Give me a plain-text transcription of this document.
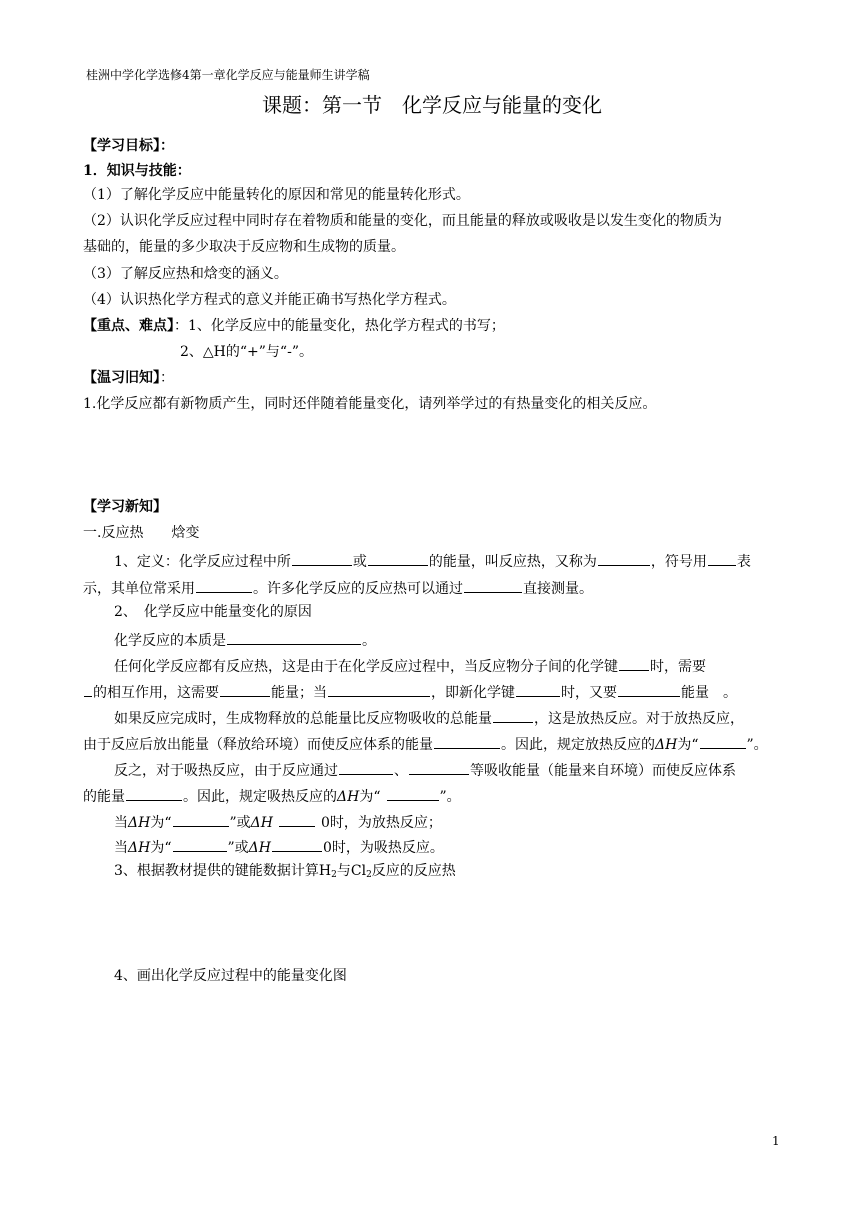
桂洲中学化学选修4第一章化学反应与能量师生讲学稿
课题：第一节　化学反应与能量的变化
【学习目标】：
1．知识与技能：
（1）了解化学反应中能量转化的原因和常见的能量转化形式。
（2）认识化学反应过程中同时存在着物质和能量的变化，而且能量的释放或吸收是以发生变化的物质为
基础的，能量的多少取决于反应物和生成物的质量。
（3）了解反应热和焓变的涵义。
（4）认识热化学方程式的意义并能正确书写热化学方程式。
【重点、难点】：1、化学反应中的能量变化，热化学方程式的书写；
2、△H的“+”与“-”。
【温习旧知】：
1.化学反应都有新物质产生，同时还伴随着能量变化，请列举学过的有热量变化的相关反应。
【学习新知】
一.反应热　　焓变
1、定义：化学反应过程中所	或	的能量，叫反应热，又称为	，符号用 表
示，其单位常采用	。许多化学反应的反应热可以通过	直接测量。
2、　化学反应中能量变化的原因
化学反应的本质是	。
任何化学反应都有反应热，这是由于在化学反应过程中，当反应物分子间的化学键 时，需要
的相互作用，这需要	能量；当	，即新化学键	时，又要	能量　。
如果反应完成时，生成物释放的总能量比反应物吸收的总能量	，这是放热反应。对于放热反应，
由于反应后放出能量（释放给环境）而使反应体系的能量	。因此，规定放热反应的ΔH为“	”。
反之，对于吸热反应，由于反应通过	、	等吸收能量（能量来自环境）而使反应体系
的能量	。因此，规定吸热反应的ΔH为“	”。
当ΔH为“	”或ΔH	0时，为放热反应；
当ΔH为“	”或ΔH	0时，为吸热反应。
3、根据教材提供的键能数据计算$H_2$与$Cl_2$反应的反应热
4、画出化学反应过程中的能量变化图
1
